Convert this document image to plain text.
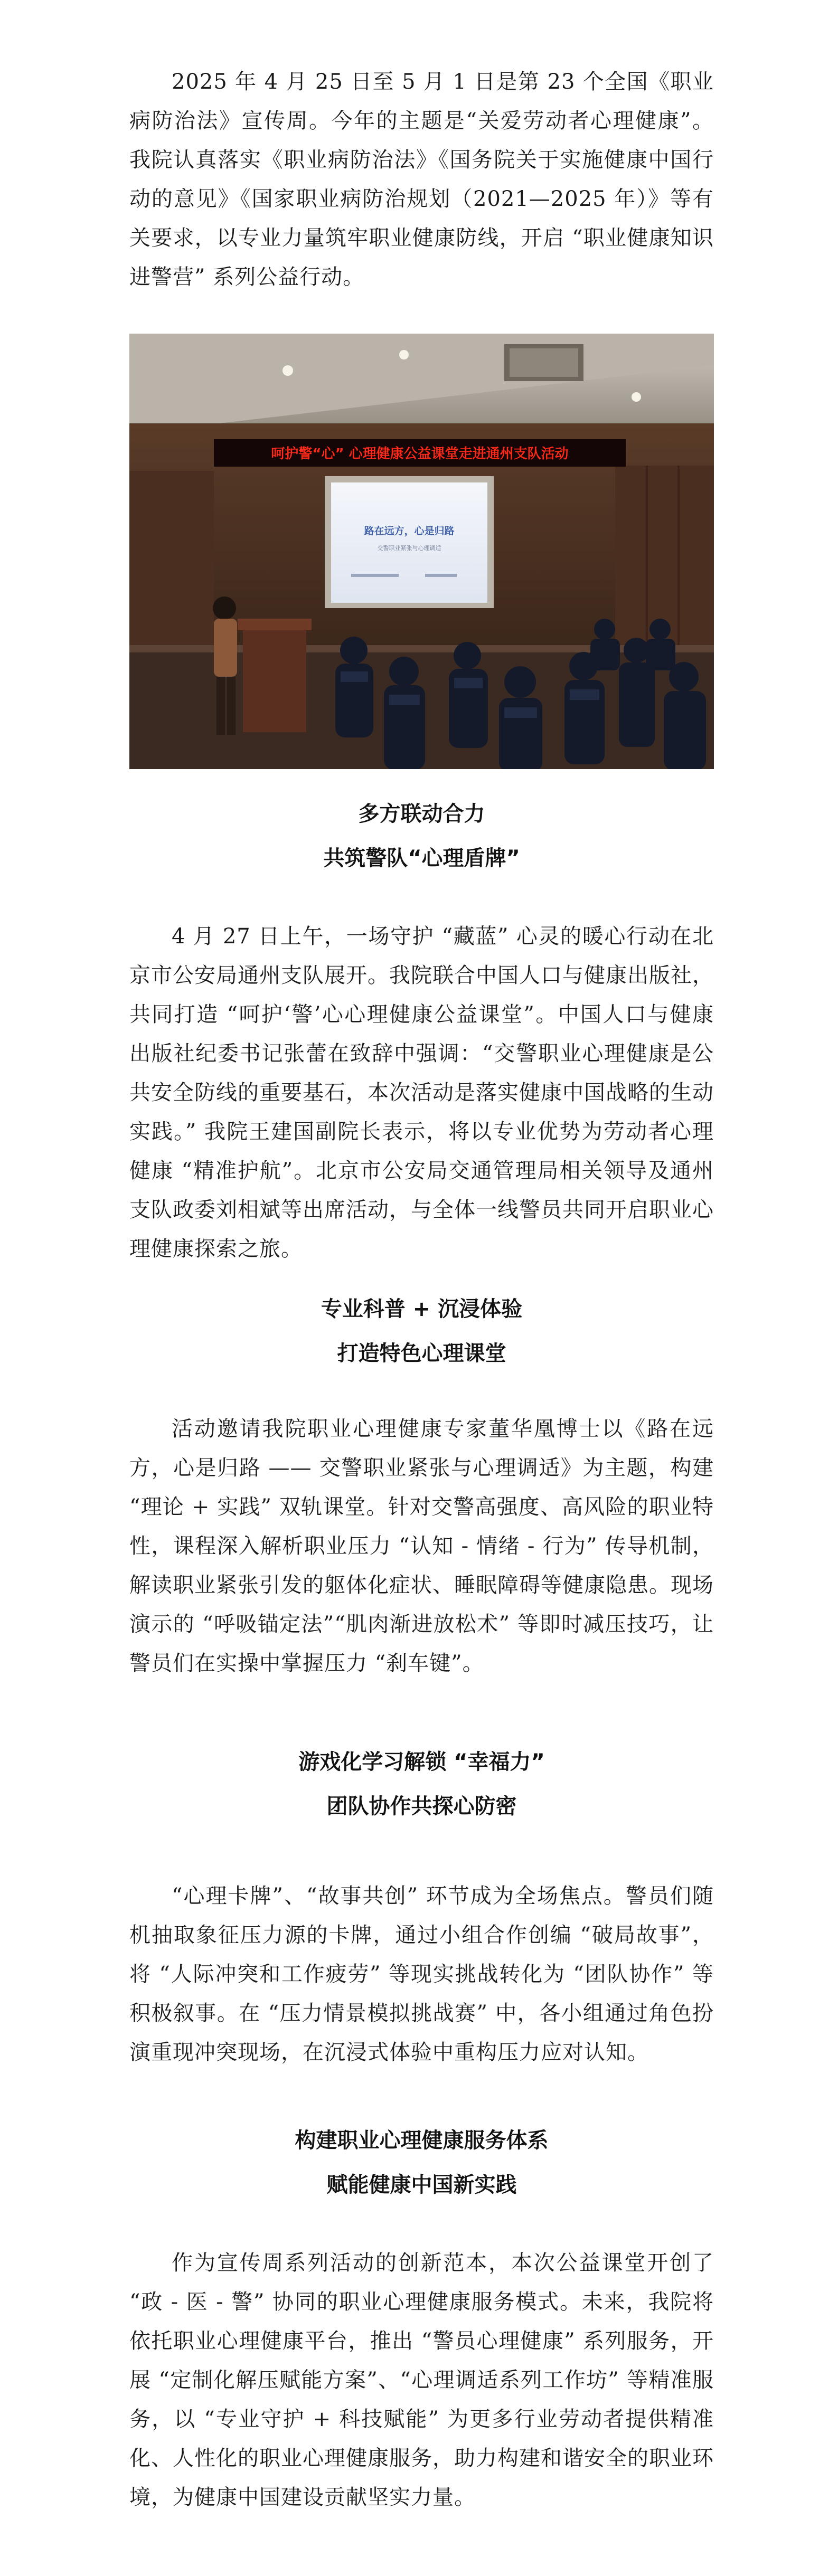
2025 年 4 月 25 日至 5 月 1 日是第 23 个全国《职业病防治法》宣传周。今年的主题是“关爱劳动者心理健康”。我院认真落实《职业病防治法》《国务院关于实施健康中国行动的意见》《国家职业病防治规划（2021—2025 年）》等有关要求，以专业力量筑牢职业健康防线，开启 “职业健康知识进警营” 系列公益行动。

呵护警“心” 心理健康公益课堂走进通州支队活动
路在远方，心是归路
交警职业紧张与心理调适
多方联动合力
共筑警队“心理盾牌”

4 月 27 日上午，一场守护 “藏蓝” 心灵的暖心行动在北京市公安局通州支队展开。我院联合中国人口与健康出版社，共同打造 “呵护‘警’心心理健康公益课堂”。中国人口与健康出版社纪委书记张蕾在致辞中强调：“交警职业心理健康是公共安全防线的重要基石，本次活动是落实健康中国战略的生动实践。” 我院王建国副院长表示，将以专业优势为劳动者心理健康 “精准护航”。北京市公安局交通管理局相关领导及通州支队政委刘相斌等出席活动，与全体一线警员共同开启职业心理健康探索之旅。

专业科普 + 沉浸体验
打造特色心理课堂

活动邀请我院职业心理健康专家董华凰博士以《路在远方，心是归路 —— 交警职业紧张与心理调适》为主题，构建 “理论 + 实践” 双轨课堂。针对交警高强度、高风险的职业特性，课程深入解析职业压力 “认知 - 情绪 - 行为” 传导机制，解读职业紧张引发的躯体化症状、睡眠障碍等健康隐患。现场演示的 “呼吸锚定法”“肌肉渐进放松术” 等即时减压技巧，让警员们在实操中掌握压力 “刹车键”。

游戏化学习解锁 “幸福力”
团队协作共探心防密

“心理卡牌”、“故事共创” 环节成为全场焦点。警员们随机抽取象征压力源的卡牌，通过小组合作创编 “破局故事”，将 “人际冲突和工作疲劳” 等现实挑战转化为 “团队协作” 等积极叙事。在 “压力情景模拟挑战赛” 中，各小组通过角色扮演重现冲突现场，在沉浸式体验中重构压力应对认知。

构建职业心理健康服务体系
赋能健康中国新实践

作为宣传周系列活动的创新范本，本次公益课堂开创了 “政 - 医 - 警” 协同的职业心理健康服务模式。未来，我院将依托职业心理健康平台，推出 “警员心理健康” 系列服务，开展 “定制化解压赋能方案”、“心理调适系列工作坊” 等精准服务，以 “专业守护 + 科技赋能” 为更多行业劳动者提供精准化、人性化的职业心理健康服务，助力构建和谐安全的职业环境，为健康中国建设贡献坚实力量。
